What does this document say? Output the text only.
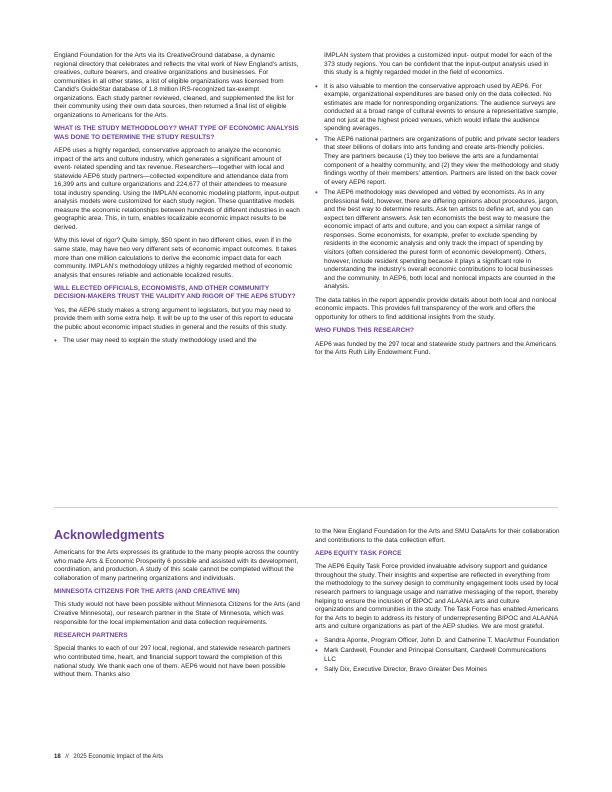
England Foundation for the Arts via its CreativeGround database, a dynamic regional directory that celebrates and reflects the vital work of New England’s artists, creatives, culture bearers, and creative organizations and businesses. For communities in all other states, a list of eligible organizations was licensed from Candid’s GuideStar database of 1.8 million IRS-recognized tax-exempt organizations. Each study partner reviewed, cleaned, and supplemented the list for their community using their own data sources, then returned a final list of eligible organizations to Americans for the Arts.

WHAT IS THE STUDY METHODOLOGY? WHAT TYPE OF ECONOMIC ANALYSIS WAS DONE TO DETERMINE THE STUDY RESULTS?

AEP6 uses a highly regarded, conservative approach to analyze the economic impact of the arts and culture industry, which generates a significant amount of event- related spending and tax revenue. Researchers—together with local and statewide AEP6 study partners—collected expenditure and attendance data from 16,399 arts and culture organizations and 224,677 of their attendees to measure total industry spending. Using the IMPLAN economic modeling platform, input-output analysis models were customized for each study region. These quantitative models measure the economic relationships between hundreds of different industries in each geographic area. This, in turn, enables localizable economic impact results to be derived.

Why this level of rigor? Quite simply, $50 spent in two different cities, even if in the same state, may have two very different sets of economic impact outcomes. It takes more than one million calculations to derive the economic impact data for each community. IMPLAN’s methodology utilizes a highly regarded method of economic analysis that ensures reliable and actionable localized results.

WILL ELECTED OFFICIALS, ECONOMISTS, AND OTHER COMMUNITY DECISION-MAKERS TRUST THE VALIDITY AND RIGOR OF THE AEP6 STUDY?

Yes, the AEP6 study makes a strong argument to legislators, but you may need to provide them with some extra help. It will be up to the user of this report to educate the public about economic impact studies in general and the results of this study.

• The user may need to explain the study methodology used and the

IMPLAN system that provides a customized input- output model for each of the 373 study regions. You can be confident that the input-output analysis used in this study is a highly regarded model in the field of economics.

• It is also valuable to mention the conservative approach used by AEP6. For example, organizational expenditures are based only on the data collected. No estimates are made for nonresponding organizations. The audience surveys are conducted at a broad range of cultural events to ensure a representative sample, and not just at the highest priced venues, which would inflate the audience spending averages.
• The AEP6 national partners are organizations of public and private sector leaders that steer billions of dollars into arts funding and create arts-friendly policies. They are partners because (1) they too believe the arts are a fundamental component of a healthy community, and (2) they view the methodology and study findings worthy of their members’ attention. Partners are listed on the back cover of every AEP6 report.
• The AEP6 methodology was developed and vetted by economists. As in any professional field, however, there are differing opinions about procedures, jargon, and the best way to determine results. Ask ten artists to define art, and you can expect ten different answers. Ask ten economists the best way to measure the economic impact of arts and culture, and you can expect a similar range of responses. Some economists, for example, prefer to exclude spending by residents in the economic analysis and only track the impact of spending by visitors (often considered the purest form of economic development). Others, however, include resident spending because it plays a significant role in understanding the industry’s overall economic contributions to local businesses and the community. In AEP6, both local and nonlocal impacts are counted in the analysis.

The data tables in the report appendix provide details about both local and nonlocal economic impacts. This provides full transparency of the work and offers the opportunity for others to find additional insights from the study.

WHO FUNDS THIS RESEARCH?

AEP6 was funded by the 297 local and statewide study partners and the Americans for the Arts Ruth Lilly Endowment Fund.

Acknowledgments

Americans for the Arts expresses its gratitude to the many people across the country who made Arts & Economic Prosperity 6 possible and assisted with its development, coordination, and production. A study of this scale cannot be completed without the collaboration of many partnering organizations and individuals.

MINNESOTA CITIZENS FOR THE ARTS (AND CREATIVE MN)

This study would not have been possible without Minnesota Citizens for the Arts (and Creative Minnesota), our research partner in the State of Minnesota, which was responsible for the local implementation and data collection requirements.

RESEARCH PARTNERS

Special thanks to each of our 297 local, regional, and statewide research partners who contributed time, heart, and financial support toward the completion of this national study. We thank each one of them. AEP6 would not have been possible without them. Thanks also

to the New England Foundation for the Arts and SMU DataArts for their collaboration and contributions to the data collection effort.

AEP6 EQUITY TASK FORCE

The AEP6 Equity Task Force provided invaluable advisory support and guidance throughout the study. Their insights and expertise are reflected in everything from the methodology to the survey design to community engagement tools used by local research partners to language usage and narrative messaging of the report, thereby helping to ensure the inclusion of BIPOC and ALAANA arts and culture organizations and communities in the study. The Task Force has enabled Americans for the Arts to begin to address its history of underrepresenting BIPOC and ALAANA arts and culture organizations as part of the AEP studies. We are most grateful.

• Sandra Aponte, Program Officer, John D. and Catherine T. MacArthur Foundation
• Mark Cardwell, Founder and Principal Consultant, Cardwell Communications LLC
• Sally Dix, Executive Director, Bravo Greater Des Moines
18 // 2025 Economic Impact of the Arts
